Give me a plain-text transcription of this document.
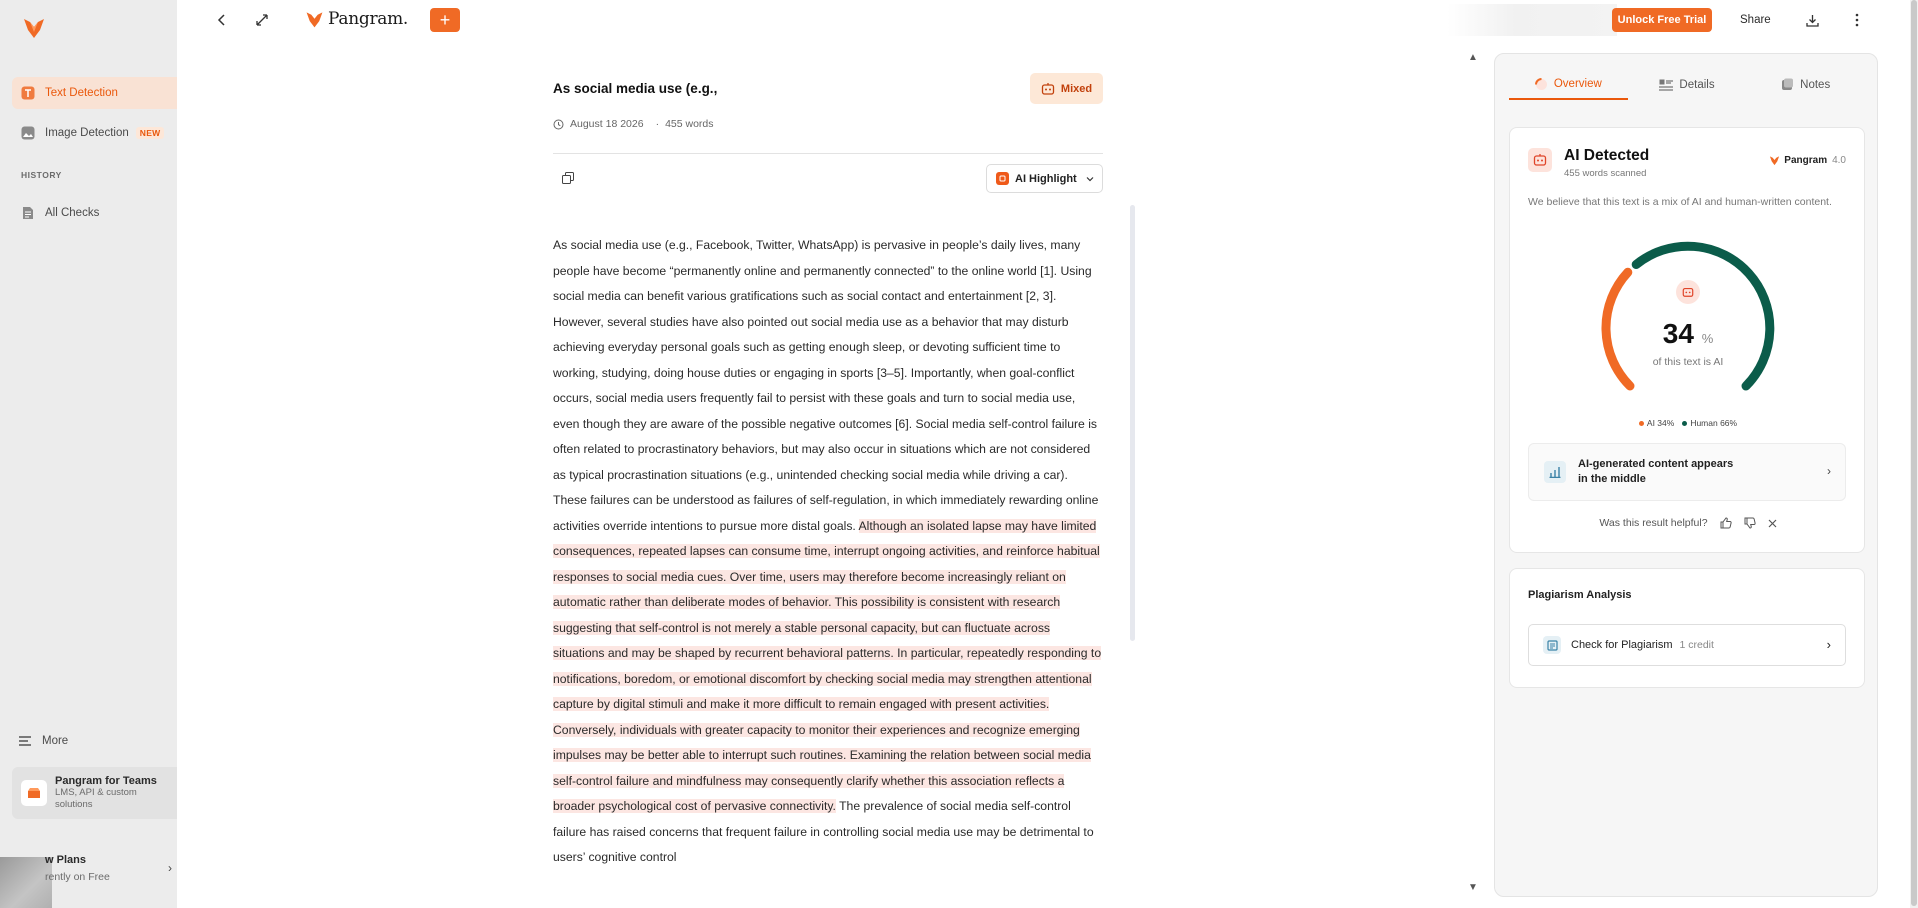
Text Detection
Image Detection	NEW
HISTORY
All Checks
More
Pangram for Teams
LMS, API & custom solutions
w Plans
rently on Free
›
Pangram.	+	Unlock Free Trial	Share
As social media use (e.g.,	Mixed
August 18 2026 · 455 words
AI Highlight
As social media use (e.g., Facebook, Twitter, WhatsApp) is pervasive in people’s daily lives, many people have become “permanently online and permanently connected” to the online world [1]. Using social media can benefit various gratifications such as social contact and entertainment [2, 3]. However, several studies have also pointed out social media use as a behavior that may disturb achieving everyday personal goals such as getting enough sleep, or devoting sufficient time to working, studying, doing house duties or engaging in sports [3–5]. Importantly, when goal-conflict occurs, social media users frequently fail to persist with these goals and turn to social media use, even though they are aware of the possible negative outcomes [6]. Social media self-control failure is often related to procrastinatory behaviors, but may also occur in situations which are not considered as typical procrastination situations (e.g., unintended checking social media while driving a car). These failures can be understood as failures of self-regulation, in which immediately rewarding online activities override intentions to pursue more distal goals. Although an isolated lapse may have limited consequences, repeated lapses can consume time, interrupt ongoing activities, and reinforce habitual responses to social media cues. Over time, users may therefore become increasingly reliant on automatic rather than deliberate modes of behavior. This possibility is consistent with research suggesting that self-control is not merely a stable personal capacity, but can fluctuate across situations and may be shaped by recurrent behavioral patterns. In particular, repeatedly responding to notifications, boredom, or emotional discomfort by checking social media may strengthen attentional capture by digital stimuli and make it more difficult to remain engaged with present activities. Conversely, individuals with greater capacity to monitor their experiences and recognize emerging impulses may be better able to interrupt such routines. Examining the relation between social media self-control failure and mindfulness may consequently clarify whether this association reflects a broader psychological cost of pervasive connectivity. The prevalence of social media self-control failure has raised concerns that frequent failure in controlling social media use may be detrimental to users’ cognitive control
▲
▼
Overview	Details	Notes
AI Detected
455 words scanned
Pangram 4.0
We believe that this text is a mix of AI and human-written content.
34 %
of this text is AI
AI 34% Human 66%
AI-generated content appears in the middle
›
Was this result helpful?
Plagiarism Analysis
Check for Plagiarism 1 credit	›
